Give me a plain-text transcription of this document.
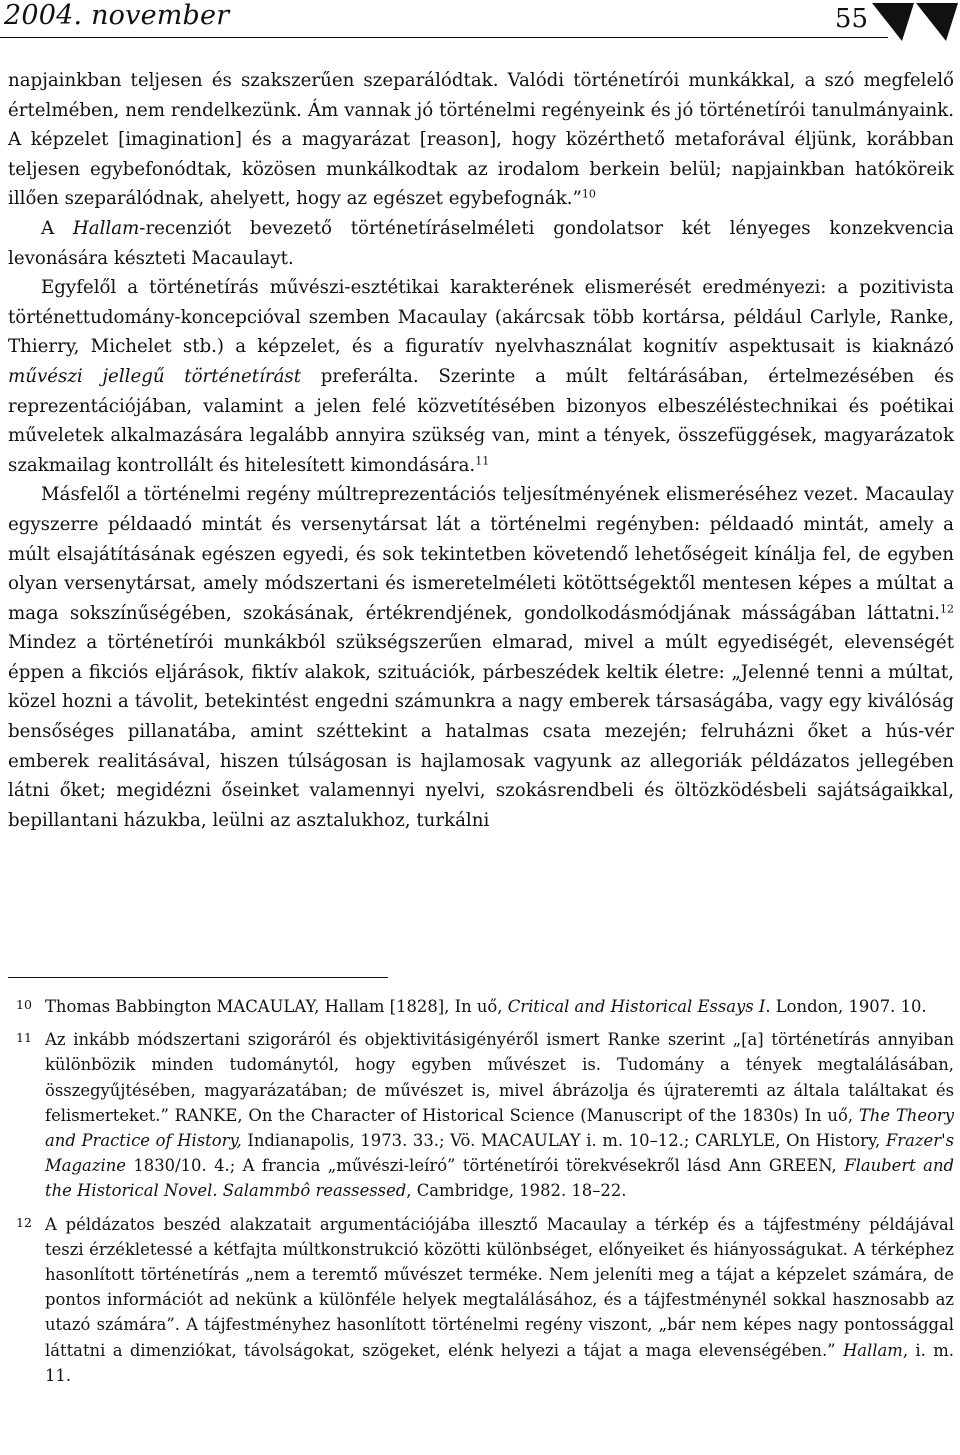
2004. november	55

napjainkban teljesen és szakszerűen szeparálódtak. Valódi történetírói munkákkal, a szó megfelelő értelmében, nem rendelkezünk. Ám vannak jó történelmi regényeink és jó történetírói tanulmányaink. A képzelet [imagination] és a magyarázat [reason], hogy közérthető metaforával éljünk, korábban teljesen egybefonódtak, közösen munkálkodtak az irodalom berkein belül; napjainkban hatóköreik illően szeparálódnak, ahelyett, hogy az egészet egybefognák.”$^{10}$

A Hallam-recenziót bevezető történetíráselméleti gondolatsor két lényeges konzekvencia levonására készteti Macaulayt.

Egyfelől a történetírás művészi-esztétikai karakterének elismerését eredményezi: a pozitivista történettudomány-koncepcióval szemben Macaulay (akárcsak több kortársa, például Carlyle, Ranke, Thierry, Michelet stb.) a képzelet, és a figuratív nyelvhasználat kognitív aspektusait is kiaknázó művészi jellegű történetírást preferálta. Szerinte a múlt feltárásában, értelmezésében és reprezentációjában, valamint a jelen felé közvetítésében bizonyos elbeszéléstechnikai és poétikai műveletek alkalmazására legalább annyira szükség van, mint a tények, összefüggések, magyarázatok szakmailag kontrollált és hitelesített kimondására.$^{11}$

Másfelől a történelmi regény múltreprezentációs teljesítményének elismeréséhez vezet. Macaulay egyszerre példaadó mintát és versenytársat lát a történelmi regényben: példaadó mintát, amely a múlt elsajátításának egészen egyedi, és sok tekintetben követendő lehetőségeit kínálja fel, de egyben olyan versenytársat, amely módszertani és ismeretelméleti kötöttségektől mentesen képes a múltat a maga sokszínűségében, szokásának, értékrendjének, gondolkodásmódjának másságában láttatni.$^{12}$ Mindez a történetírói munkákból szükségszerűen elmarad, mivel a múlt egyediségét, elevenségét éppen a fikciós eljárások, fiktív alakok, szituációk, párbeszédek keltik életre: „Jelenné tenni a múltat, közel hozni a távolit, betekintést engedni számunkra a nagy emberek társaságába, vagy egy kiválóság bensőséges pillanatába, amint széttekint a hatalmas csata mezején; felruházni őket a hús-vér emberek realitásával, hiszen túlságosan is hajlamosak vagyunk az allegoriák példázatos jellegében látni őket; megidézni őseinket valamennyi nyelvi, szokásrendbeli és öltözködésbeli sajátságaikkal, bepillantani házukba, leülni az asztalukhoz, turkálni

10 Thomas Babbington MACAULAY, Hallam [1828], In uő, Critical and Historical Essays I. London, 1907. 10.
11 Az inkább módszertani szigoráról és objektivitásigényéről ismert Ranke szerint „[a] történetírás annyiban különbözik minden tudománytól, hogy egyben művészet is. Tudomány a tények megtalálásában, összegyűjtésében, magyarázatában; de művészet is, mivel ábrázolja és újrateremti az általa találtakat és felismerteket.” RANKE, On the Character of Historical Science (Manuscript of the 1830s) In uő, The Theory and Practice of History, Indianapolis, 1973. 33.; Vö. MACAULAY i. m. 10–12.; CARLYLE, On History, Frazer's Magazine 1830/10. 4.; A francia „művészi-leíró” történetírói törekvésekről lásd Ann GREEN, Flaubert and the Historical Novel. Salammbô reassessed, Cambridge, 1982. 18–22.
12 A példázatos beszéd alakzatait argumentációjába illesztő Macaulay a térkép és a tájfestmény példájával teszi érzékletessé a kétfajta múltkonstrukció közötti különbséget, előnyeiket és hiányosságukat. A térképhez hasonlított történetírás „nem a teremtő művészet terméke. Nem jeleníti meg a tájat a képzelet számára, de pontos információt ad nekünk a különféle helyek megtalálásához, és a tájfestménynél sokkal hasznosabb az utazó számára”. A tájfestményhez hasonlított történelmi regény viszont, „bár nem képes nagy pontossággal láttatni a dimenziókat, távolságokat, szögeket, elénk helyezi a tájat a maga elevenségében.” Hallam, i. m. 11.
